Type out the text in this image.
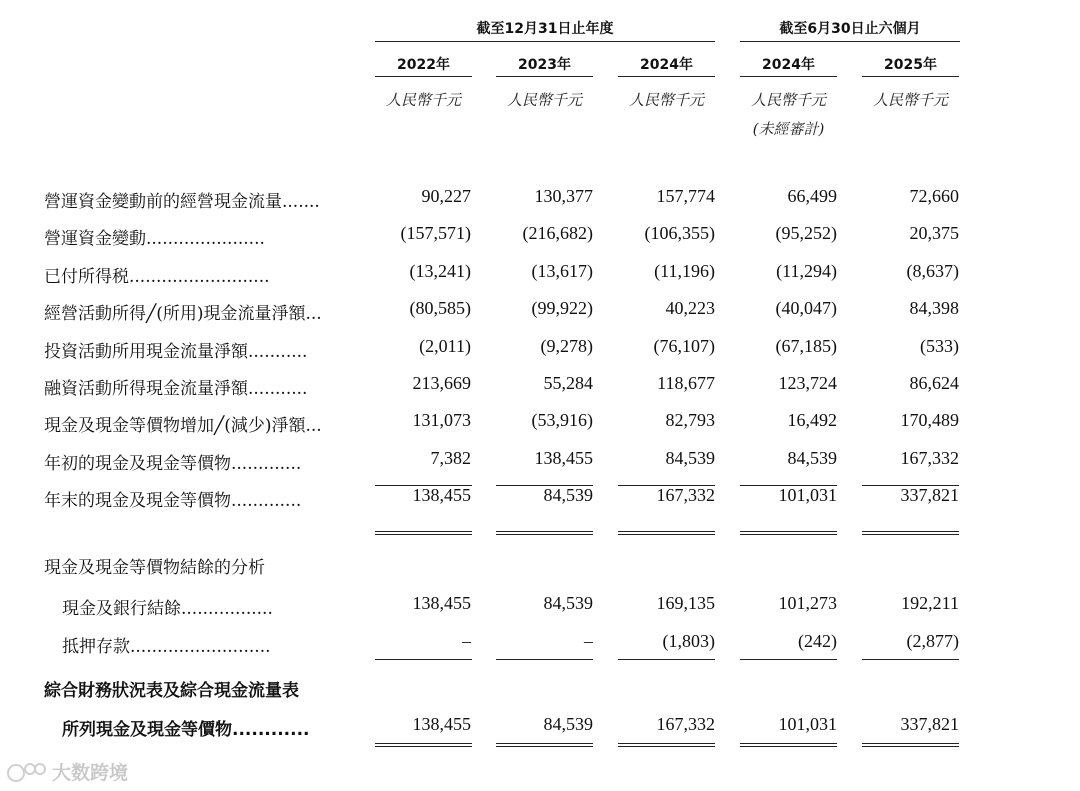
截至12月31日止年度	截至6月30日止六個月
2022年	2023年	2024年	2024年	2025年
人民幣千元	人民幣千元	人民幣千元	人民幣千元	人民幣千元
(未經審計)
營運資金變動前的經營現金流量.......	90,227	130,377	157,774	66,499	72,660
營運資金變動......................	(157,571)	(216,682)	(106,355)	(95,252)	20,375
已付所得税..........................	(13,241)	(13,617)	(11,196)	(11,294)	(8,637)
經營活動所得╱(所用)現金流量淨額...	(80,585)	(99,922)	40,223	(40,047)	84,398
投資活動所用現金流量淨額...........	(2,011)	(9,278)	(76,107)	(67,185)	(533)
融資活動所得現金流量淨額...........	213,669	55,284	118,677	123,724	86,624
現金及現金等價物增加╱(減少)淨額...	131,073	(53,916)	82,793	16,492	170,489
年初的現金及現金等價物.............	7,382	138,455	84,539	84,539	167,332
年末的現金及現金等價物.............	138,455	84,539	167,332	101,031	337,821
現金及現金等價物結餘的分析
現金及銀行結餘.................	138,455	84,539	169,135	101,273	192,211
抵押存款..........................	–	–	(1,803)	(242)	(2,877)
綜合財務狀況表及綜合現金流量表
所列現金及現金等價物............	138,455	84,539	167,332	101,031	337,821
大数跨境
